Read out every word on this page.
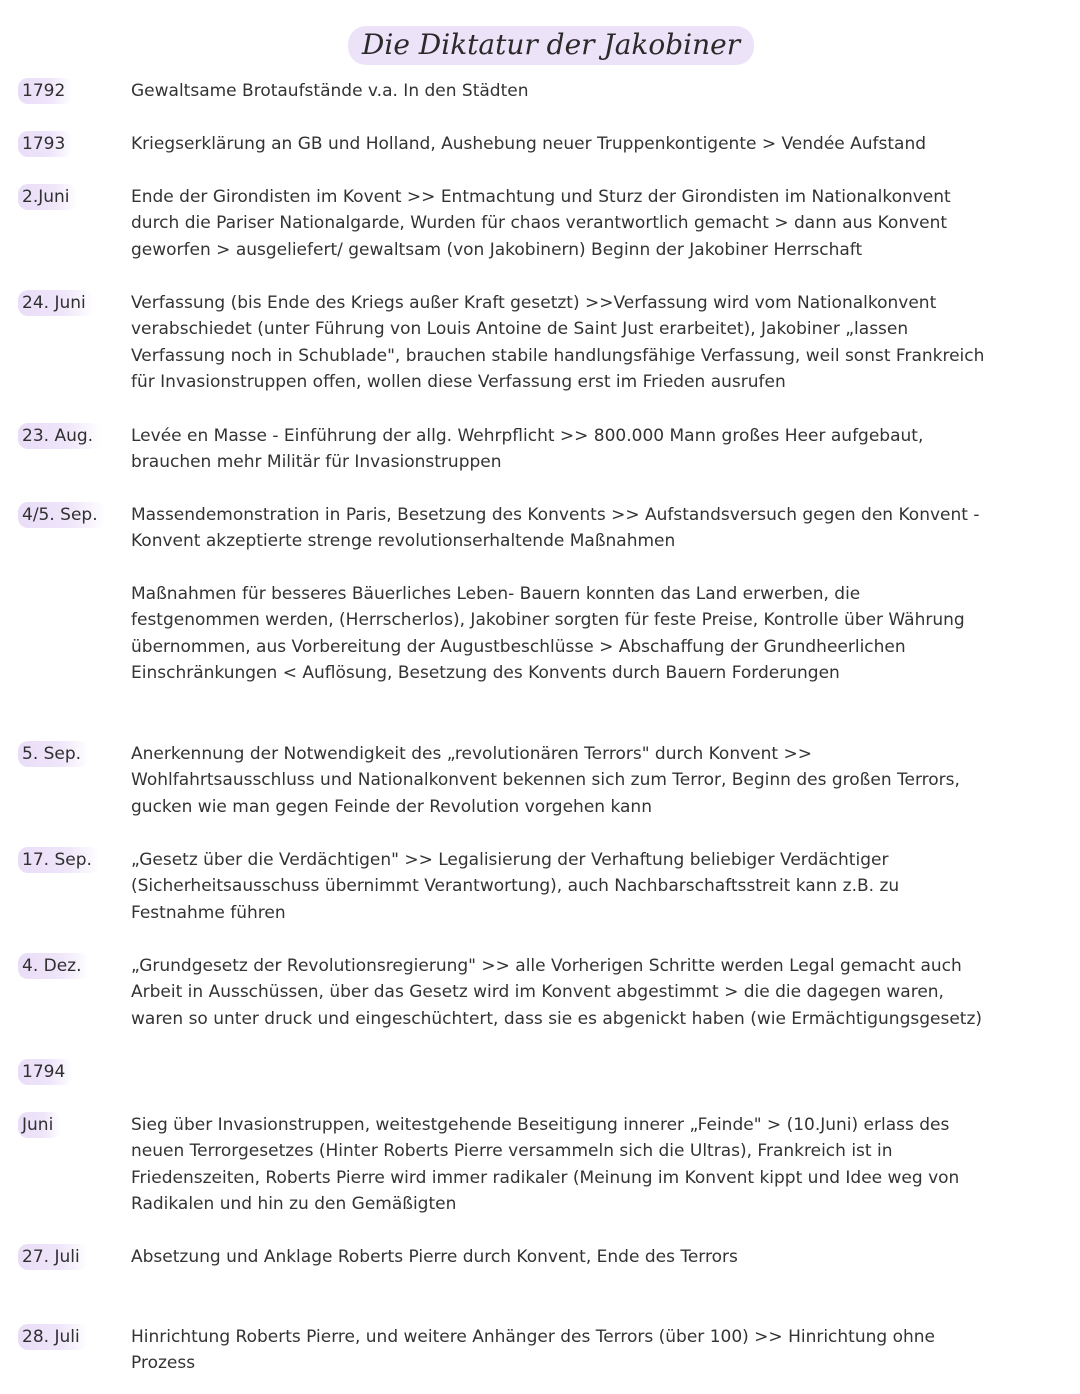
Die Diktatur der Jakobiner
1792	Gewaltsame Brotaufstände v.a. In den Städten
1793	Kriegserklärung an GB und Holland, Aushebung neuer Truppenkontigente > Vendée Aufstand
2.Juni	Ende der Girondisten im Kovent >> Entmachtung und Sturz der Girondisten im Nationalkonvent
durch die Pariser Nationalgarde, Wurden für chaos verantwortlich gemacht > dann aus Konvent
geworfen > ausgeliefert/ gewaltsam (von Jakobinern) Beginn der Jakobiner Herrschaft
24. Juni	Verfassung (bis Ende des Kriegs außer Kraft gesetzt) >>Verfassung wird vom Nationalkonvent
verabschiedet (unter Führung von Louis Antoine de Saint Just erarbeitet), Jakobiner „lassen
Verfassung noch in Schublade", brauchen stabile handlungsfähige Verfassung, weil sonst Frankreich
für Invasionstruppen offen, wollen diese Verfassung erst im Frieden ausrufen
23. Aug.	Levée en Masse - Einführung der allg. Wehrpflicht >> 800.000 Mann großes Heer aufgebaut,
brauchen mehr Militär für Invasionstruppen
4/5. Sep.	Massendemonstration in Paris, Besetzung des Konvents >> Aufstandsversuch gegen den Konvent -
Konvent akzeptierte strenge revolutionserhaltende Maßnahmen
Maßnahmen für besseres Bäuerliches Leben- Bauern konnten das Land erwerben, die
festgenommen werden, (Herrscherlos), Jakobiner sorgten für feste Preise, Kontrolle über Währung
übernommen, aus Vorbereitung der Augustbeschlüsse > Abschaffung der Grundheerlichen
Einschränkungen < Auflösung, Besetzung des Konvents durch Bauern Forderungen
5. Sep.	Anerkennung der Notwendigkeit des „revolutionären Terrors" durch Konvent >>
Wohlfahrtsausschluss und Nationalkonvent bekennen sich zum Terror, Beginn des großen Terrors,
gucken wie man gegen Feinde der Revolution vorgehen kann
17. Sep.	„Gesetz über die Verdächtigen" >> Legalisierung der Verhaftung beliebiger Verdächtiger
(Sicherheitsausschuss übernimmt Verantwortung), auch Nachbarschaftsstreit kann z.B. zu
Festnahme führen
4. Dez.	„Grundgesetz der Revolutionsregierung" >> alle Vorherigen Schritte werden Legal gemacht auch
Arbeit in Ausschüssen, über das Gesetz wird im Konvent abgestimmt > die die dagegen waren,
waren so unter druck und eingeschüchtert, dass sie es abgenickt haben (wie Ermächtigungsgesetz)
1794
Juni	Sieg über Invasionstruppen, weitestgehende Beseitigung innerer „Feinde" > (10.Juni) erlass des
neuen Terrorgesetzes (Hinter Roberts Pierre versammeln sich die Ultras), Frankreich ist in
Friedenszeiten, Roberts Pierre wird immer radikaler (Meinung im Konvent kippt und Idee weg von
Radikalen und hin zu den Gemäßigten
27. Juli	Absetzung und Anklage Roberts Pierre durch Konvent, Ende des Terrors
28. Juli	Hinrichtung Roberts Pierre, und weitere Anhänger des Terrors (über 100) >> Hinrichtung ohne
Prozess
